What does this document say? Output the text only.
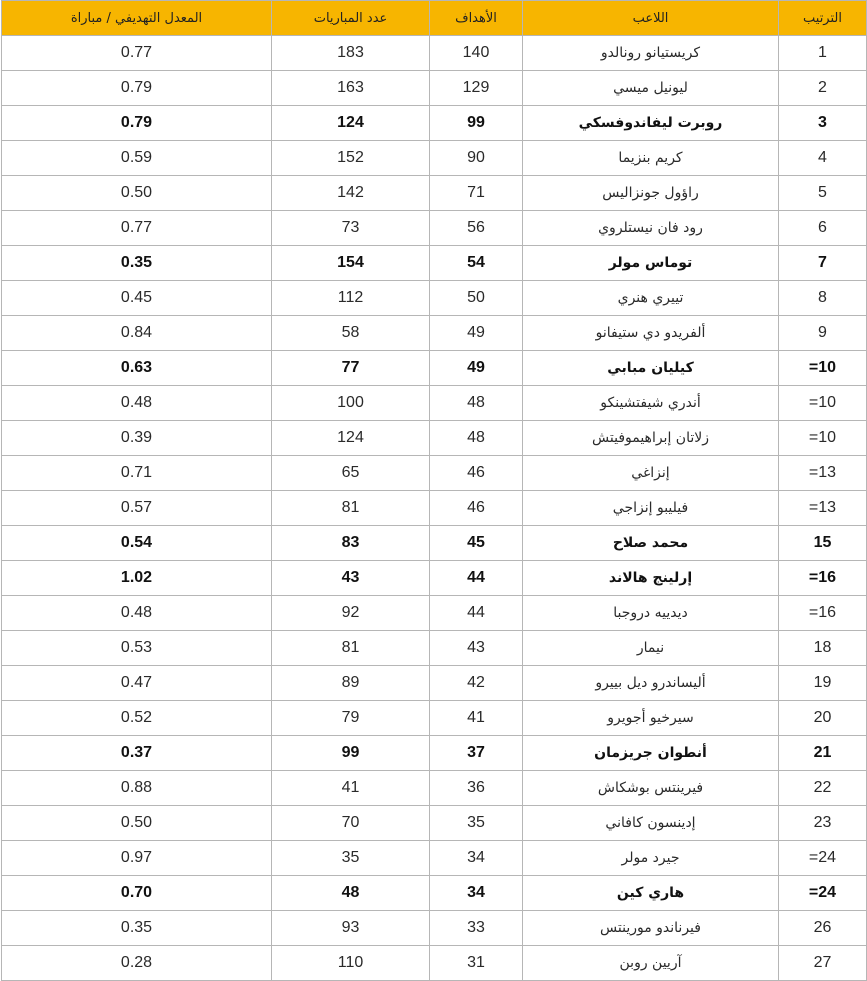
الترتيب	اللاعب	الأهداف	عدد المباريات	المعدل التهديفي / مباراة
1	كريستيانو رونالدو	140	183	0.77
2	ليونيل ميسي	129	163	0.79
3	روبرت ليفاندوفسكي	99	124	0.79
4	كريم بنزيما	90	152	0.59
5	راؤول جونزاليس	71	142	0.50
6	رود فان نيستلروي	56	73	0.77
7	توماس مولر	54	154	0.35
8	تييري هنري	50	112	0.45
9	ألفريدو دي ستيفانو	49	58	0.84
=10	كيليان مبابي	49	77	0.63
=10	أندري شيفتشينكو	48	100	0.48
=10	زلاتان إبراهيموفيتش	48	124	0.39
=13	إنزاغي	46	65	0.71
=13	فيليبو إنزاجي	46	81	0.57
15	محمد صلاح	45	83	0.54
=16	إرلينج هالاند	44	43	1.02
=16	ديدييه دروجبا	44	92	0.48
18	نيمار	43	81	0.53
19	أليساندرو ديل بييرو	42	89	0.47
20	سيرخيو أجويرو	41	79	0.52
21	أنطوان جريزمان	37	99	0.37
22	فيرينتس بوشكاش	36	41	0.88
23	إدينسون كافاني	35	70	0.50
=24	جيرد مولر	34	35	0.97
=24	هاري كين	34	48	0.70
26	فيرناندو مورينتس	33	93	0.35
27	آريين روبن	31	110	0.28
